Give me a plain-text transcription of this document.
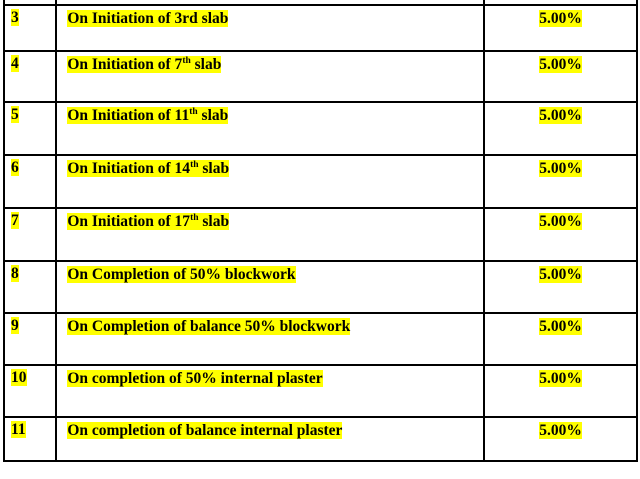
3	On Initiation of 3rd slab	5.00%

4	On Initiation of 7th slab	5.00%

5	On Initiation of 11th slab	5.00%

6	On Initiation of 14th slab	5.00%

7	On Initiation of 17th slab	5.00%

8	On Completion of 50% blockwork	5.00%

9	On Completion of balance 50% blockwork	5.00%

10	On completion of 50% internal plaster	5.00%

11	On completion of balance internal plaster	5.00%
